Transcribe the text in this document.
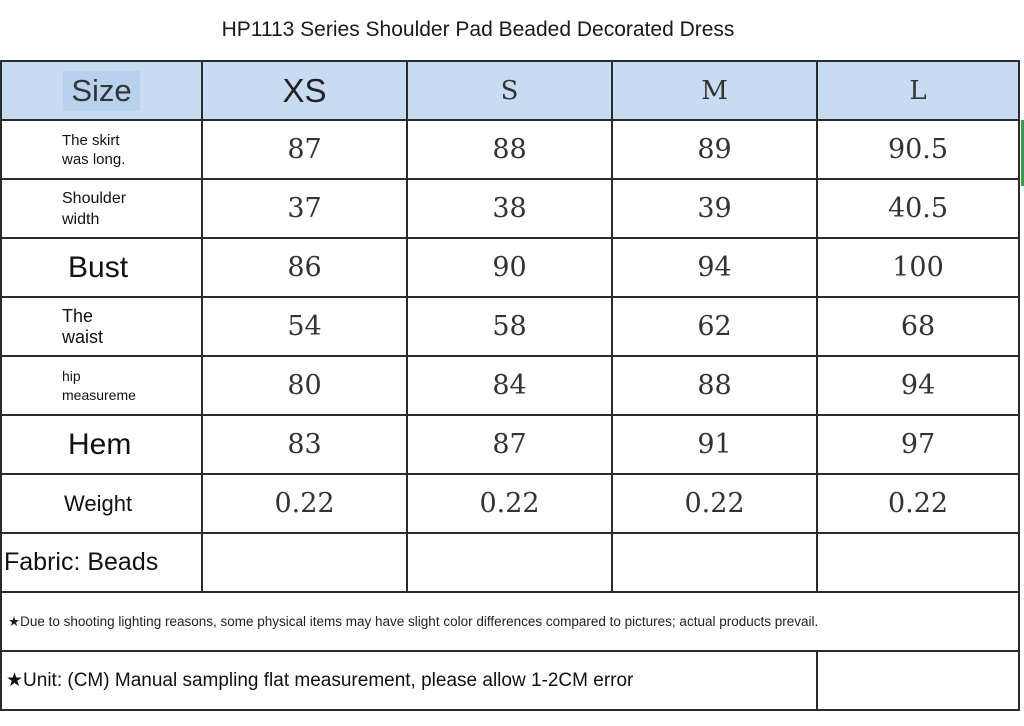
HP1113 Series Shoulder Pad Beaded Decorated Dress
Size	XS	S	M	L
The skirt
was long.	87	88	89	90.5
Shoulder
width	37	38	39	40.5
Bust	86	90	94	100
The
waist	54	58	62	68
hip
measureme	80	84	88	94
Hem	83	87	91	97
Weight	0.22	0.22	0.22	0.22
Fabric: Beads				
★Due to shooting lighting reasons, some physical items may have slight color differences compared to pictures; actual products prevail.				
★Unit: (CM) Manual sampling flat measurement, please allow 1-2CM error				
